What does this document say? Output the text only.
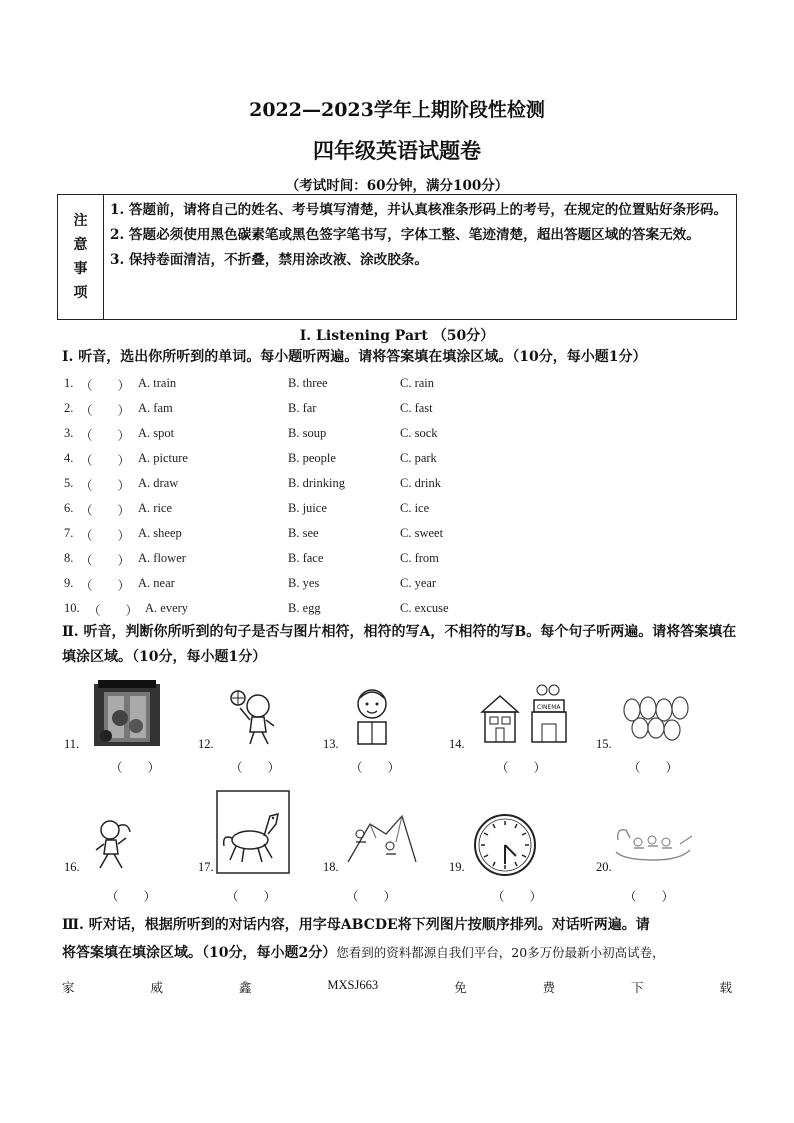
2022—2023学年上期阶段性检测
四年级英语试题卷
（考试时间：60分钟，满分100分）
注
意
事
项
1. 答题前，请将自己的姓名、考号填写清楚，并认真核准条形码上的考号，在规定的位置贴好条形码。
2. 答题必须使用黑色碳素笔或黑色签字笔书写，字体工整、笔迹清楚，超出答题区域的答案无效。
3. 保持卷面清洁，不折叠，禁用涂改液、涂改胶条。
I. Listening Part （50分）
I. 听音，选出你所听到的单词。每小题听两遍。请将答案填在填涂区域。（10分，每小题1分）
1. （　　） A. train	B. three	C. rain
2. （　　） A. fam	B. far	C. fast
3. （　　） A. spot	B. soup	C. sock
4. （　　） A. picture	B. people	C. park
5. （　　） A. draw	B. drinking	C. drink
6. （　　） A. rice	B. juice	C. ice
7. （　　） A. sheep	B. see	C. sweet
8. （　　） A. flower	B. face	C. from
9. （　　） A. near	B. yes	C. year
10. （　　） A. every	B. egg	C. excuse
Ⅱ. 听音，判断你所听到的句子是否与图片相符，相符的写A，不相符的写B。每个句子听两遍。请将答案填在填涂区域。（10分，每小题1分）
CINEMA
11.
（　　）
12.
（　　）
13.
（　　）
14.
（　　）
15.
（　　）
16.
（　　）
17.
（　　）
18.
（　　）
19.
（　　）
20.
（　　）
Ⅲ. 听对话，根据所听到的对话内容，用字母ABCDE将下列图片按顺序排列。对话听两遍。请
将答案填在填涂区域。（10分，每小题2分）您看到的资料都源自我们平台，20多万份最新小初高试卷，
家	威	鑫	MXSJ663	免	费	下	载
